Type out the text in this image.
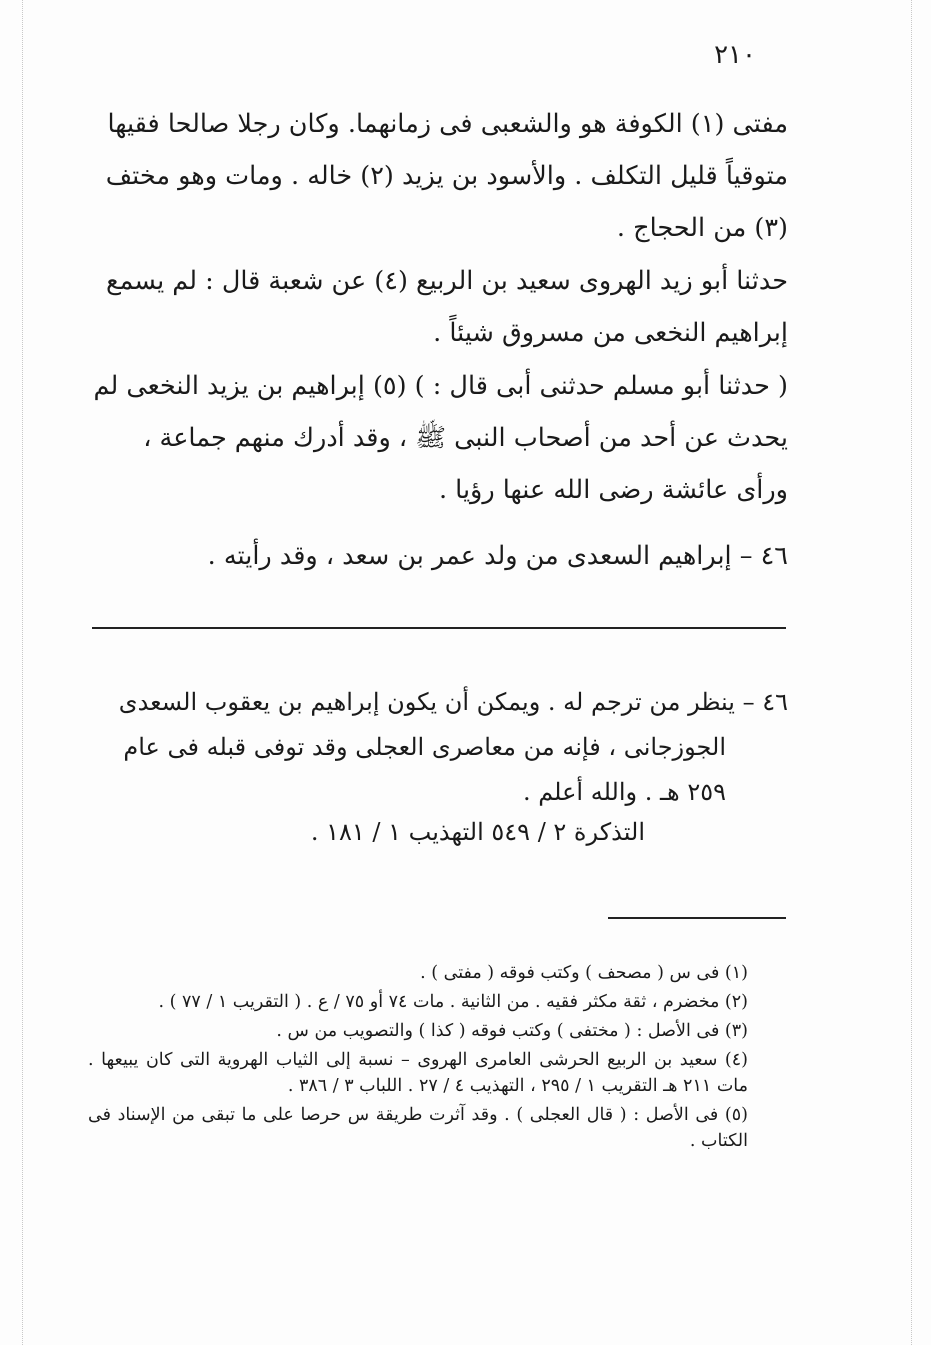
٢١٠

مفتى (١) الكوفة هو والشعبى فى زمانهما. وكان رجلا صالحا فقيها متوقياً قليل التكلف . والأسود بن يزيد (٢) خاله . ومات وهو مختف (٣) من الحجاج .

حدثنا أبو زيد الهروى سعيد بن الربيع (٤) عن شعبة قال : لم يسمع إبراهيم النخعى من مسروق شيئاً .

( حدثنا أبو مسلم حدثنى أبى قال : ) (٥) إبراهيم بن يزيد النخعى لم يحدث عن أحد من أصحاب النبى ﷺ ، وقد أدرك منهم جماعة ، ورأى عائشة رضى الله عنها رؤيا .

٤٦ – إبراهيم السعدى من ولد عمر بن سعد ، وقد رأيته .

٤٦ – ينظر من ترجم له . ويمكن أن يكون إبراهيم بن يعقوب السعدى

الجوزجانى ، فإنه من معاصرى العجلى وقد توفى قبله فى عام

٢٥٩ هـ . والله أعلم .

التذكرة ٢ / ٥٤٩ التهذيب ١ / ١٨١ .

(١) فى س ( مصحف ) وكتب فوقه ( مفتى ) .

(٢) مخضرم ، ثقة مكثر فقيه . من الثانية . مات ٧٤ أو ٧٥ / ع . ( التقريب ١ / ٧٧ ) .

(٣) فى الأصل : ( مختفى ) وكتب فوقه ( كذا ) والتصويب من س .

(٤) سعيد بن الربيع الحرشى العامرى الهروى – نسبة إلى الثياب الهروية التى كان يبيعها . مات ٢١١ هـ التقريب ١ / ٢٩٥ ، التهذيب ٤ / ٢٧ . اللباب ٣ / ٣٨٦ .

(٥) فى الأصل : ( قال العجلى ) . وقد آثرت طريقة س حرصا على ما تبقى من الإسناد فى الكتاب .
